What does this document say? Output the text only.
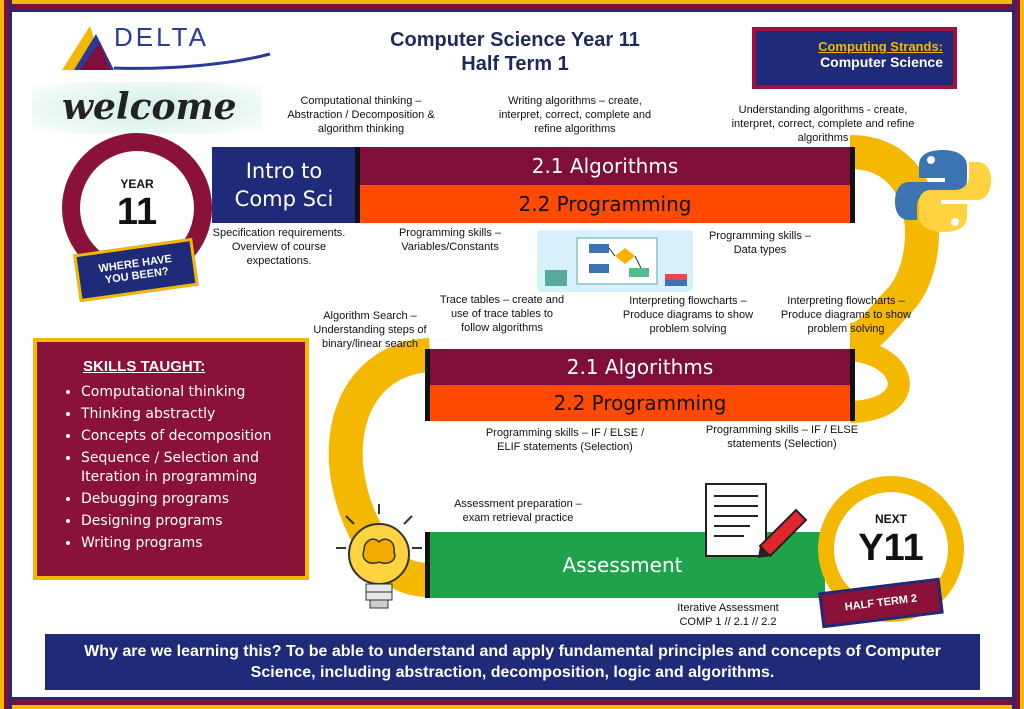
DELTA
welcome
Computer Science Year 11
Half Term 1
Computing Strands:
Computer Science
YEAR
11
WHERE HAVE YOU BEEN?
Intro to Comp Sci
2.1 Algorithms
2.2 Programming
2.1 Algorithms
2.2 Programming
SKILLS TAUGHT:
• Computational thinking
• Thinking abstractly
• Concepts of decomposition
• Sequence / Selection and Iteration in programming
• Debugging programs
• Designing programs
• Writing programs
Assessment
NEXT
Y11
HALF TERM 2
Computational thinking – Abstraction / Decomposition & algorithm thinking
Writing algorithms – create, interpret, correct, complete and refine algorithms
Understanding algorithms - create, interpret, correct, complete and refine algorithms
Specification requirements. Overview of course expectations.
Programming skills – Variables/Constants
Programming skills – Data types
Algorithm Search – Understanding steps of binary/linear search
Trace tables – create and use of trace tables to follow algorithms
Interpreting flowcharts – Produce diagrams to show problem solving
Interpreting flowcharts – Produce diagrams to show problem solving
Programming skills – IF / ELSE / ELIF statements (Selection)
Programming skills – IF / ELSE statements (Selection)
Assessment preparation – exam retrieval practice
Iterative Assessment COMP 1 // 2.1 // 2.2
Why are we learning this? To be able to understand and apply fundamental principles and concepts of Computer Science, including abstraction, decomposition, logic and algorithms.
